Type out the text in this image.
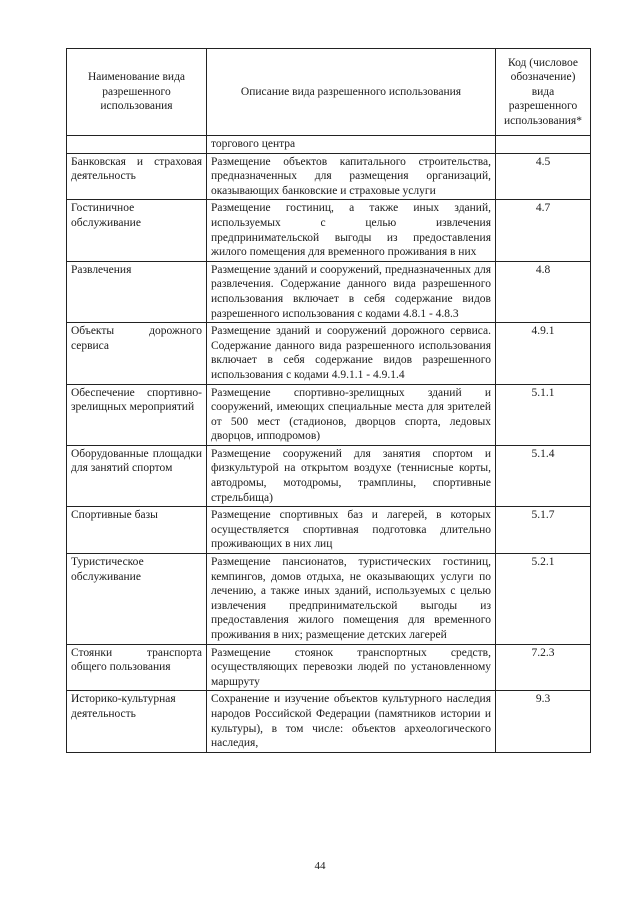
Наименование вида разрешенного использования	Описание вида разрешенного использования	Код (числовое обозначение) вида разрешенного использования*
	торгового центра	
Банковская и страховая деятельность	Размещение объектов капитального строительства, предназначенных для размещения организаций, оказывающих банковские и страховые услуги	4.5
Гостиничное обслуживание	Размещение гостиниц, а также иных зданий, используемых с целью извлечения предпринимательской выгоды из предоставления жилого помещения для временного проживания в них	4.7
Развлечения	Размещение зданий и сооружений, предназначенных для развлечения. Содержание данного вида разрешенного использования включает в себя содержание видов разрешенного использования с кодами 4.8.1 - 4.8.3	4.8
Объекты дорожного сервиса	Размещение зданий и сооружений дорожного сервиса. Содержание данного вида разрешенного использования включает в себя содержание видов разрешенного использования с кодами 4.9.1.1 - 4.9.1.4	4.9.1
Обеспечение спортивно-зрелищных мероприятий	Размещение спортивно-зрелищных зданий и сооружений, имеющих специальные места для зрителей от 500 мест (стадионов, дворцов спорта, ледовых дворцов, ипподромов)	5.1.1
Оборудованные площадки для занятий спортом	Размещение сооружений для занятия спортом и физкультурой на открытом воздухе (теннисные корты, автодромы, мотодромы, трамплины, спортивные стрельбища)	5.1.4
Спортивные базы	Размещение спортивных баз и лагерей, в которых осуществляется спортивная подготовка длительно проживающих в них лиц	5.1.7
Туристическое обслуживание	Размещение пансионатов, туристических гостиниц, кемпингов, домов отдыха, не оказывающих услуги по лечению, а также иных зданий, используемых с целью извлечения предпринимательской выгоды из предоставления жилого помещения для временного проживания в них; размещение детских лагерей	5.2.1
Стоянки транспорта общего пользования	Размещение стоянок транспортных средств, осуществляющих перевозки людей по установленному маршруту	7.2.3
Историко-культурная деятельность	Сохранение и изучение объектов культурного наследия народов Российской Федерации (памятников истории и культуры), в том числе: объектов археологического наследия,	9.3
44
